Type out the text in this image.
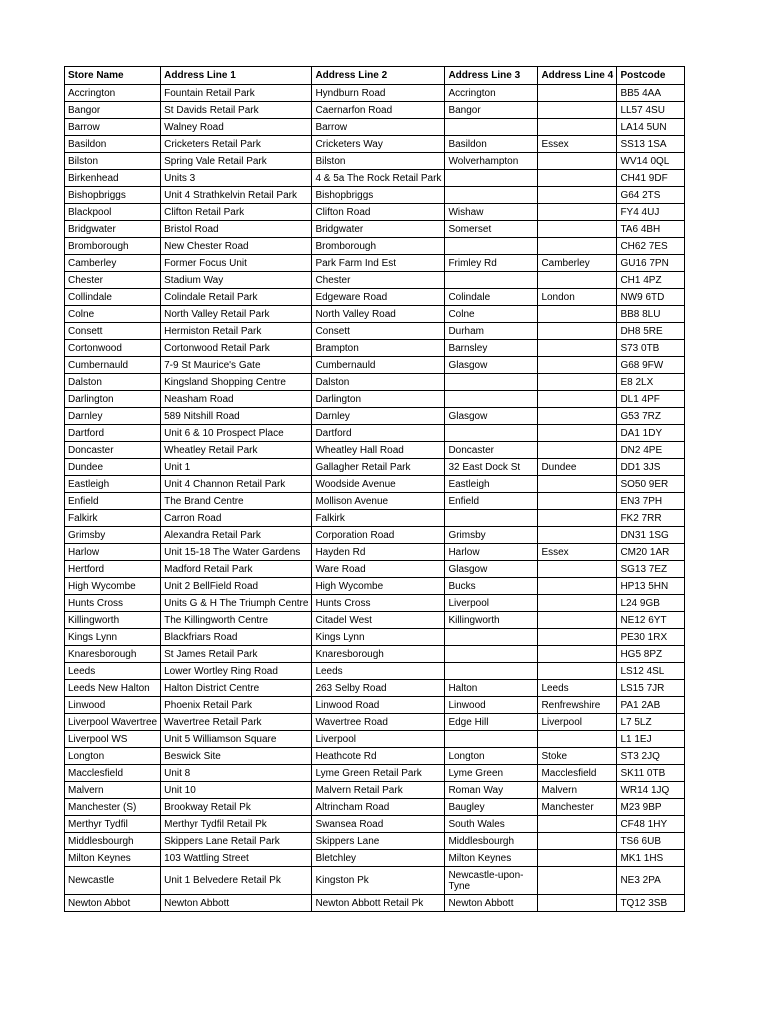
Store Name	Address Line 1	Address Line 2	Address Line 3	Address Line 4	Postcode
Accrington	Fountain Retail Park	Hyndburn Road	Accrington		BB5 4AA
Bangor	St Davids Retail Park	Caernarfon Road	Bangor		LL57 4SU
Barrow	Walney Road	Barrow			LA14 5UN
Basildon	Cricketers Retail Park	Cricketers Way	Basildon	Essex	SS13 1SA
Bilston	Spring Vale Retail Park	Bilston	Wolverhampton		WV14 0QL
Birkenhead	Units 3	4 & 5a The Rock Retail Park			CH41 9DF
Bishopbriggs	Unit 4 Strathkelvin Retail Park	Bishopbriggs			G64 2TS
Blackpool	Clifton Retail Park	Clifton Road	Wishaw		FY4 4UJ
Bridgwater	Bristol Road	Bridgwater	Somerset		TA6 4BH
Bromborough	New Chester Road	Bromborough			CH62 7ES
Camberley	Former Focus Unit	Park Farm Ind Est	Frimley Rd	Camberley	GU16 7PN
Chester	Stadium Way	Chester			CH1 4PZ
Collindale	Colindale Retail Park	Edgeware Road	Colindale	London	NW9 6TD
Colne	North Valley Retail Park	North Valley Road	Colne		BB8 8LU
Consett	Hermiston Retail Park	Consett	Durham		DH8 5RE
Cortonwood	Cortonwood Retail Park	Brampton	Barnsley		S73 0TB
Cumbernauld	7-9 St Maurice's Gate	Cumbernauld	Glasgow		G68 9FW
Dalston	Kingsland Shopping Centre	Dalston			E8 2LX
Darlington	Neasham Road	Darlington			DL1 4PF
Darnley	589 Nitshill Road	Darnley	Glasgow		G53 7RZ
Dartford	Unit 6 & 10 Prospect Place	Dartford			DA1 1DY
Doncaster	Wheatley Retail Park	Wheatley Hall Road	Doncaster		DN2 4PE
Dundee	Unit 1	Gallagher Retail Park	32 East Dock St	Dundee	DD1 3JS
Eastleigh	Unit 4 Channon Retail Park	Woodside Avenue	Eastleigh		SO50 9ER
Enfield	The Brand Centre	Mollison Avenue	Enfield		EN3 7PH
Falkirk	Carron Road	Falkirk			FK2 7RR
Grimsby	Alexandra Retail Park	Corporation Road	Grimsby		DN31 1SG
Harlow	Unit 15-18 The Water Gardens	Hayden Rd	Harlow	Essex	CM20 1AR
Hertford	Madford Retail Park	Ware Road	Glasgow		SG13 7EZ
High Wycombe	Unit 2 BellField Road	High Wycombe	Bucks		HP13 5HN
Hunts Cross	Units G & H The Triumph Centre	Hunts Cross	Liverpool		L24 9GB
Killingworth	The Killingworth Centre	Citadel West	Killingworth		NE12 6YT
Kings Lynn	Blackfriars Road	Kings Lynn			PE30 1RX
Knaresborough	St James Retail Park	Knaresborough			HG5 8PZ
Leeds	Lower Wortley Ring Road	Leeds			LS12 4SL
Leeds New Halton	Halton District Centre	263 Selby Road	Halton	Leeds	LS15 7JR
Linwood	Phoenix Retail Park	Linwood Road	Linwood	Renfrewshire	PA1 2AB
Liverpool Wavertree	Wavertree Retail Park	Wavertree Road	Edge Hill	Liverpool	L7 5LZ
Liverpool WS	Unit 5 Williamson Square	Liverpool			L1 1EJ
Longton	Beswick Site	Heathcote Rd	Longton	Stoke	ST3 2JQ
Macclesfield	Unit 8	Lyme Green Retail Park	Lyme Green	Macclesfield	SK11 0TB
Malvern	Unit 10	Malvern Retail Park	Roman Way	Malvern	WR14 1JQ
Manchester (S)	Brookway Retail Pk	Altrincham Road	Baugley	Manchester	M23 9BP
Merthyr Tydfil	Merthyr Tydfil Retail Pk	Swansea Road	South Wales		CF48 1HY
Middlesbourgh	Skippers Lane Retail Park	Skippers Lane	Middlesbourgh		TS6 6UB
Milton Keynes	103 Wattling Street	Bletchley	Milton Keynes		MK1 1HS
Newcastle	Unit 1 Belvedere Retail Pk	Kingston Pk	Newcastle-upon-Tyne		NE3 2PA
Newton Abbot	Newton Abbott	Newton Abbott Retail Pk	Newton Abbott		TQ12 3SB
